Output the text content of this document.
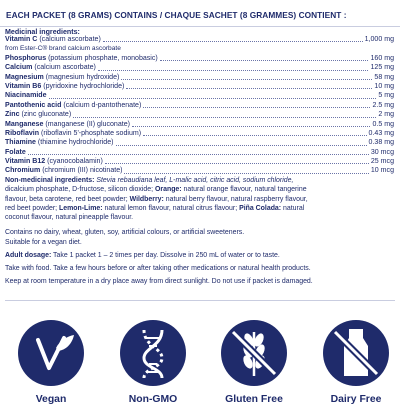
EACH PACKET (8 GRAMS) CONTAINS / CHAQUE SACHET (8 GRAMMES) CONTIENT :
Medicinal ingredients:
Vitamin C (calcium ascorbate)	1,000 mg
from Ester-C® brand calcium ascorbate
Phosphorus (potassium phosphate, monobasic)	160 mg
Calcium (calcium ascorbate)	125 mg
Magnesium (magnesium hydroxide)	58 mg
Vitamin B6 (pyridoxine hydrochloride)	10 mg
Niacinamide	5 mg
Pantothenic acid (calcium d-pantothenate)	2.5 mg
Zinc (zinc gluconate)	2 mg
Manganese (manganese (II) gluconate)	0.5 mg
Riboflavin (riboflavin 5'-phosphate sodium)	0.43 mg
Thiamine (thiamine hydrochloride)	0.38 mg
Folate	30 mcg
Vitamin B12 (cyanocobalamin)	25 mcg
Chromium (chromium (III) nicotinate)	10 mcg
Non-medicinal ingredients: Stevia rebaudiana leaf, L-malic acid, citric acid, sodium chloride,
dicalcium phosphate, D-fructose, silicon dioxide; Orange: natural orange flavour, natural tangerine
flavour, beta carotene, red beet powder; Wildberry: natural berry flavour, natural raspberry flavour,
red beet powder; Lemon-Lime: natural lemon flavour, natural citrus flavour; Piña Colada: natural
coconut flavour, natural pineapple flavour.
Contains no dairy, wheat, gluten, soy, artificial colours, or artificial sweeteners.
Suitable for a vegan diet.
Adult dosage: Take 1 packet 1 – 2 times per day. Dissolve in 250 mL of water or to taste.
Take with food. Take a few hours before or after taking other medications or natural health products.
Keep at room temperature in a dry place away from direct sunlight. Do not use if packet is damaged.
Vegan	Non-GMO	Gluten Free	Dairy Free
